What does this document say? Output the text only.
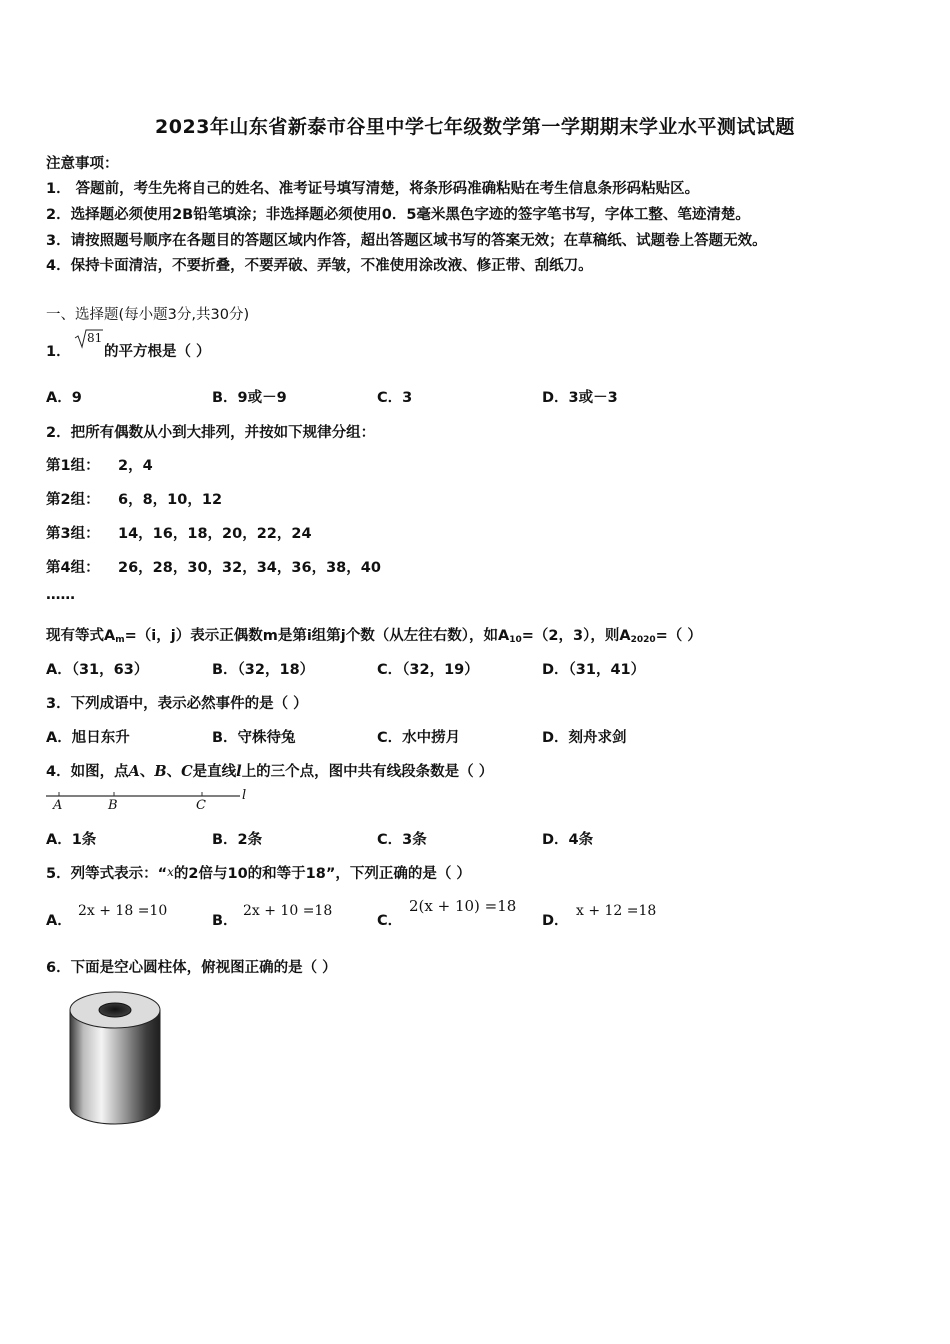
2023年山东省新泰市谷里中学七年级数学第一学期期末学业水平测试试题
注意事项：
1． 答题前，考生先将自己的姓名、准考证号填写清楚，将条形码准确粘贴在考生信息条形码粘贴区。
2．选择题必须使用2B铅笔填涂；非选择题必须使用0．5毫米黑色字迹的签字笔书写，字体工整、笔迹清楚。
3．请按照题号顺序在各题目的答题区域内作答，超出答题区域书写的答案无效；在草稿纸、试题卷上答题无效。
4．保持卡面清洁，不要折叠，不要弄破、弄皱，不准使用涂改液、修正带、刮纸刀。
一、选择题(每小题3分,共30分)
1．
81
的平方根是（ ）
A．9	B．9或－9	C．3	D．3或－3
2．把所有偶数从小到大排列，并按如下规律分组：
第1组： 2，4
第2组： 6，8，10，12
第3组： 14，16，18，20，22，24
第4组： 26，28，30，32，34，36，38，40
……
现有等式$A_m=(i$，j）表示正偶数m是第i组第j个数（从左往右数），如$A_{10}=(2$，3），则$A_{2020}=$（ ）
A．（31，63）	B．（32，18）	C．（32，19）	D．（31，41）
3．下列成语中，表示必然事件的是（ ）
A．旭日东升	B．守株待兔	C．水中捞月	D．刻舟求剑
4．如图，点A、B、C是直线l上的三个点，图中共有线段条数是（ ）
A	B	C
l
A．1条	B．2条	C．3条	D．4条
5．列等式表示：“x的2倍与10的和等于18”，下列正确的是（ ）
A．
2x + 18 =10
B．
2x + 10 =18
C．
2(x + 10) =18
D．
x + 12 =18
6．下面是空心圆柱体，俯视图正确的是（ ）
